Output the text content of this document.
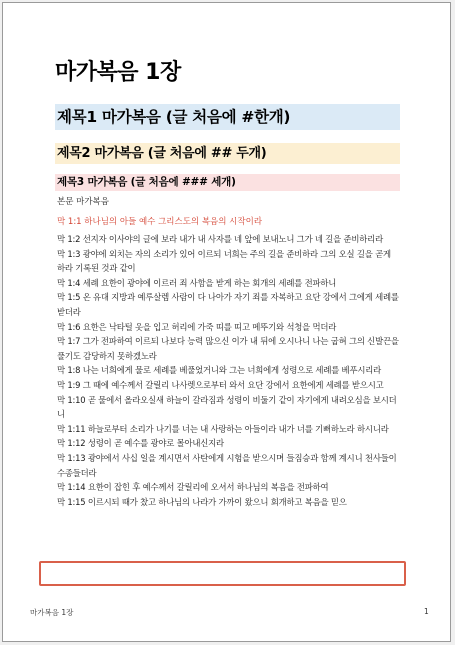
마가복음 1장
제목1 마가복음 (글 처음에 #한개)
제목2 마가복음 (글 처음에 ## 두개)
제목3 마가복음 (글 처음에 ### 세개)
본문 마가복음
막 1:1 하나님의 아들 예수 그리스도의 복음의 시작이라

막 1:2 선지자 이사야의 글에 보라 내가 내 사자를 네 앞에 보내노니 그가 네 길을 준비하리라

막 1:3 광야에 외치는 자의 소리가 있어 이르되 너희는 주의 길을 준비하라 그의 오실 길을 곧게 하라 기록된 것과 같이

막 1:4 세례 요한이 광야에 이르러 죄 사함을 받게 하는 회개의 세례를 전파하니

막 1:5 온 유대 지방과 예루살렘 사람이 다 나아가 자기 죄를 자복하고 요단 강에서 그에게 세례를 받더라

막 1:6 요한은 낙타털 옷을 입고 허리에 가죽 띠를 띠고 메뚜기와 석청을 먹더라

막 1:7 그가 전파하여 이르되 나보다 능력 많으신 이가 내 뒤에 오시나니 나는 굽혀 그의 신발끈을 풀기도 감당하지 못하겠노라

막 1:8 나는 너희에게 물로 세례를 베풀었거니와 그는 너희에게 성령으로 세례를 베푸시리라

막 1:9 그 때에 예수께서 갈릴리 나사렛으로부터 와서 요단 강에서 요한에게 세례를 받으시고

막 1:10 곧 물에서 올라오실새 하늘이 갈라짐과 성령이 비둘기 같이 자기에게 내려오심을 보시더니

막 1:11 하늘로부터 소리가 나기를 너는 내 사랑하는 아들이라 내가 너를 기뻐하노라 하시니라

막 1:12 성령이 곧 예수를 광야로 몰아내신지라

막 1:13 광야에서 사십 일을 계시면서 사탄에게 시험을 받으시며 들짐승과 함께 계시니 천사들이 수종들더라

막 1:14 요한이 잡힌 후 예수께서 갈릴리에 오셔서 하나님의 복음을 전파하여

막 1:15 이르시되 때가 찼고 하나님의 나라가 가까이 왔으니 회개하고 복음을 믿으

마가복음 1장	1
